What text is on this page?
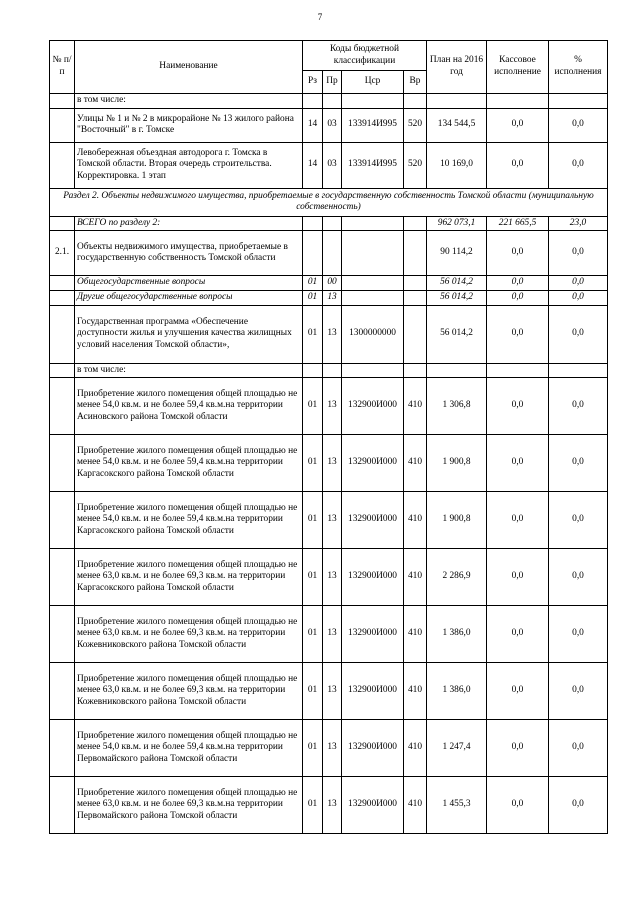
7
№ п/п	Наименование	Коды бюджетной классификации				План на 2016 год	Кассовое исполнение	% исполнения
		Рз	Пр	Цср	Вр			
	в том числе:							
	Улицы № 1 и № 2 в микрорайоне № 13 жилого района "Восточный" в г. Томске	14	03	133914И995	520	134 544,5	0,0	0,0
	Левобережная объездная автодорога г. Томска в Томской области. Вторая очередь строительства. Корректировка. 1 этап	14	03	133914И995	520	10 169,0	0,0	0,0
Раздел 2. Объекты недвижимого имущества, приобретаемые в государственную собственность Томской области (муниципальную собственность)								
	ВСЕГО по разделу 2:					962 073,1	221 665,5	23,0
2.1.	Объекты недвижимого имущества, приобретаемые в государственную собственность Томской области					90 114,2	0,0	0,0
	Общегосударственные вопросы	01	00			56 014,2	0,0	0,0
	Другие общегосударственные вопросы	01	13			56 014,2	0,0	0,0
	Государственная программа «Обеспечение доступности жилья и улучшения качества жилищных условий населения Томской области»,	01	13	1300000000		56 014,2	0,0	0,0
	в том числе:							
	Приобретение жилого помещения общей площадью не менее 54,0 кв.м. и не более 59,4 кв.м.на территории Асиновского района Томской области	01	13	132900И000	410	1 306,8	0,0	0,0
	Приобретение жилого помещения общей площадью не менее 54,0 кв.м. и не более 59,4 кв.м.на территории Каргасокского района Томской области	01	13	132900И000	410	1 900,8	0,0	0,0
	Приобретение жилого помещения общей площадью не менее 54,0 кв.м. и не более 59,4 кв.м.на территории Каргасокского района Томской области	01	13	132900И000	410	1 900,8	0,0	0,0
	Приобретение жилого помещения общей площадью не менее 63,0 кв.м. и не более 69,3 кв.м. на территории Каргасокского района Томской области	01	13	132900И000	410	2 286,9	0,0	0,0
	Приобретение жилого помещения общей площадью не менее 63,0 кв.м. и не более 69,3 кв.м. на территории Кожевниковского района Томской области	01	13	132900И000	410	1 386,0	0,0	0,0
	Приобретение жилого помещения общей площадью не менее 63,0 кв.м. и не более 69,3 кв.м. на территории Кожевниковского района Томской области	01	13	132900И000	410	1 386,0	0,0	0,0
	Приобретение жилого помещения общей площадью не менее 54,0 кв.м. и не более 59,4 кв.м.на территории Первомайского района Томской области	01	13	132900И000	410	1 247,4	0,0	0,0
	Приобретение жилого помещения общей площадью не менее 63,0 кв.м. и не более 69,3 кв.м.на территории Первомайского района Томской области	01	13	132900И000	410	1 455,3	0,0	0,0
